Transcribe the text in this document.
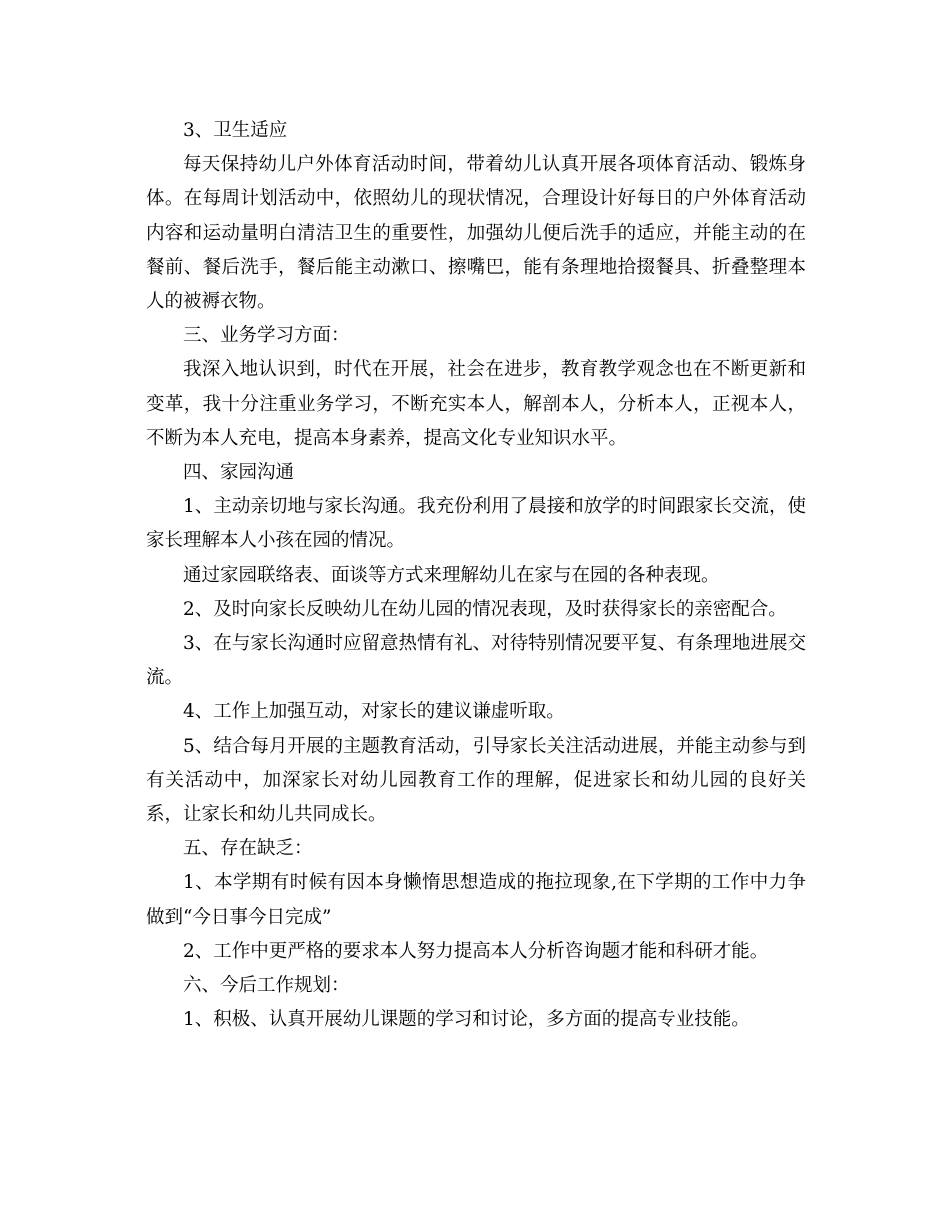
3、卫生适应

每天保持幼儿户外体育活动时间，带着幼儿认真开展各项体育活动、锻炼身体。在每周计划活动中，依照幼儿的现状情况，合理设计好每日的户外体育活动内容和运动量明白清洁卫生的重要性，加强幼儿便后洗手的适应，并能主动的在餐前、餐后洗手，餐后能主动漱口、擦嘴巴，能有条理地拾掇餐具、折叠整理本人的被褥衣物。

三、业务学习方面：

我深入地认识到，时代在开展，社会在进步，教育教学观念也在不断更新和变革，我十分注重业务学习，不断充实本人，解剖本人，分析本人，正视本人，不断为本人充电，提高本身素养，提高文化专业知识水平。

四、家园沟通

1、主动亲切地与家长沟通。我充份利用了晨接和放学的时间跟家长交流，使家长理解本人小孩在园的情况。

通过家园联络表、面谈等方式来理解幼儿在家与在园的各种表现。

2、及时向家长反映幼儿在幼儿园的情况表现，及时获得家长的亲密配合。

3、在与家长沟通时应留意热情有礼、对待特别情况要平复、有条理地进展交流。

4、工作上加强互动，对家长的建议谦虚听取。

5、结合每月开展的主题教育活动，引导家长关注活动进展，并能主动参与到有关活动中，加深家长对幼儿园教育工作的理解，促进家长和幼儿园的良好关系，让家长和幼儿共同成长。

五、存在缺乏：

1、本学期有时候有因本身懒惰思想造成的拖拉现象,在下学期的工作中力争做到“今日事今日完成”

2、工作中更严格的要求本人努力提高本人分析咨询题才能和科研才能。

六、今后工作规划：

1、积极、认真开展幼儿课题的学习和讨论，多方面的提高专业技能。
